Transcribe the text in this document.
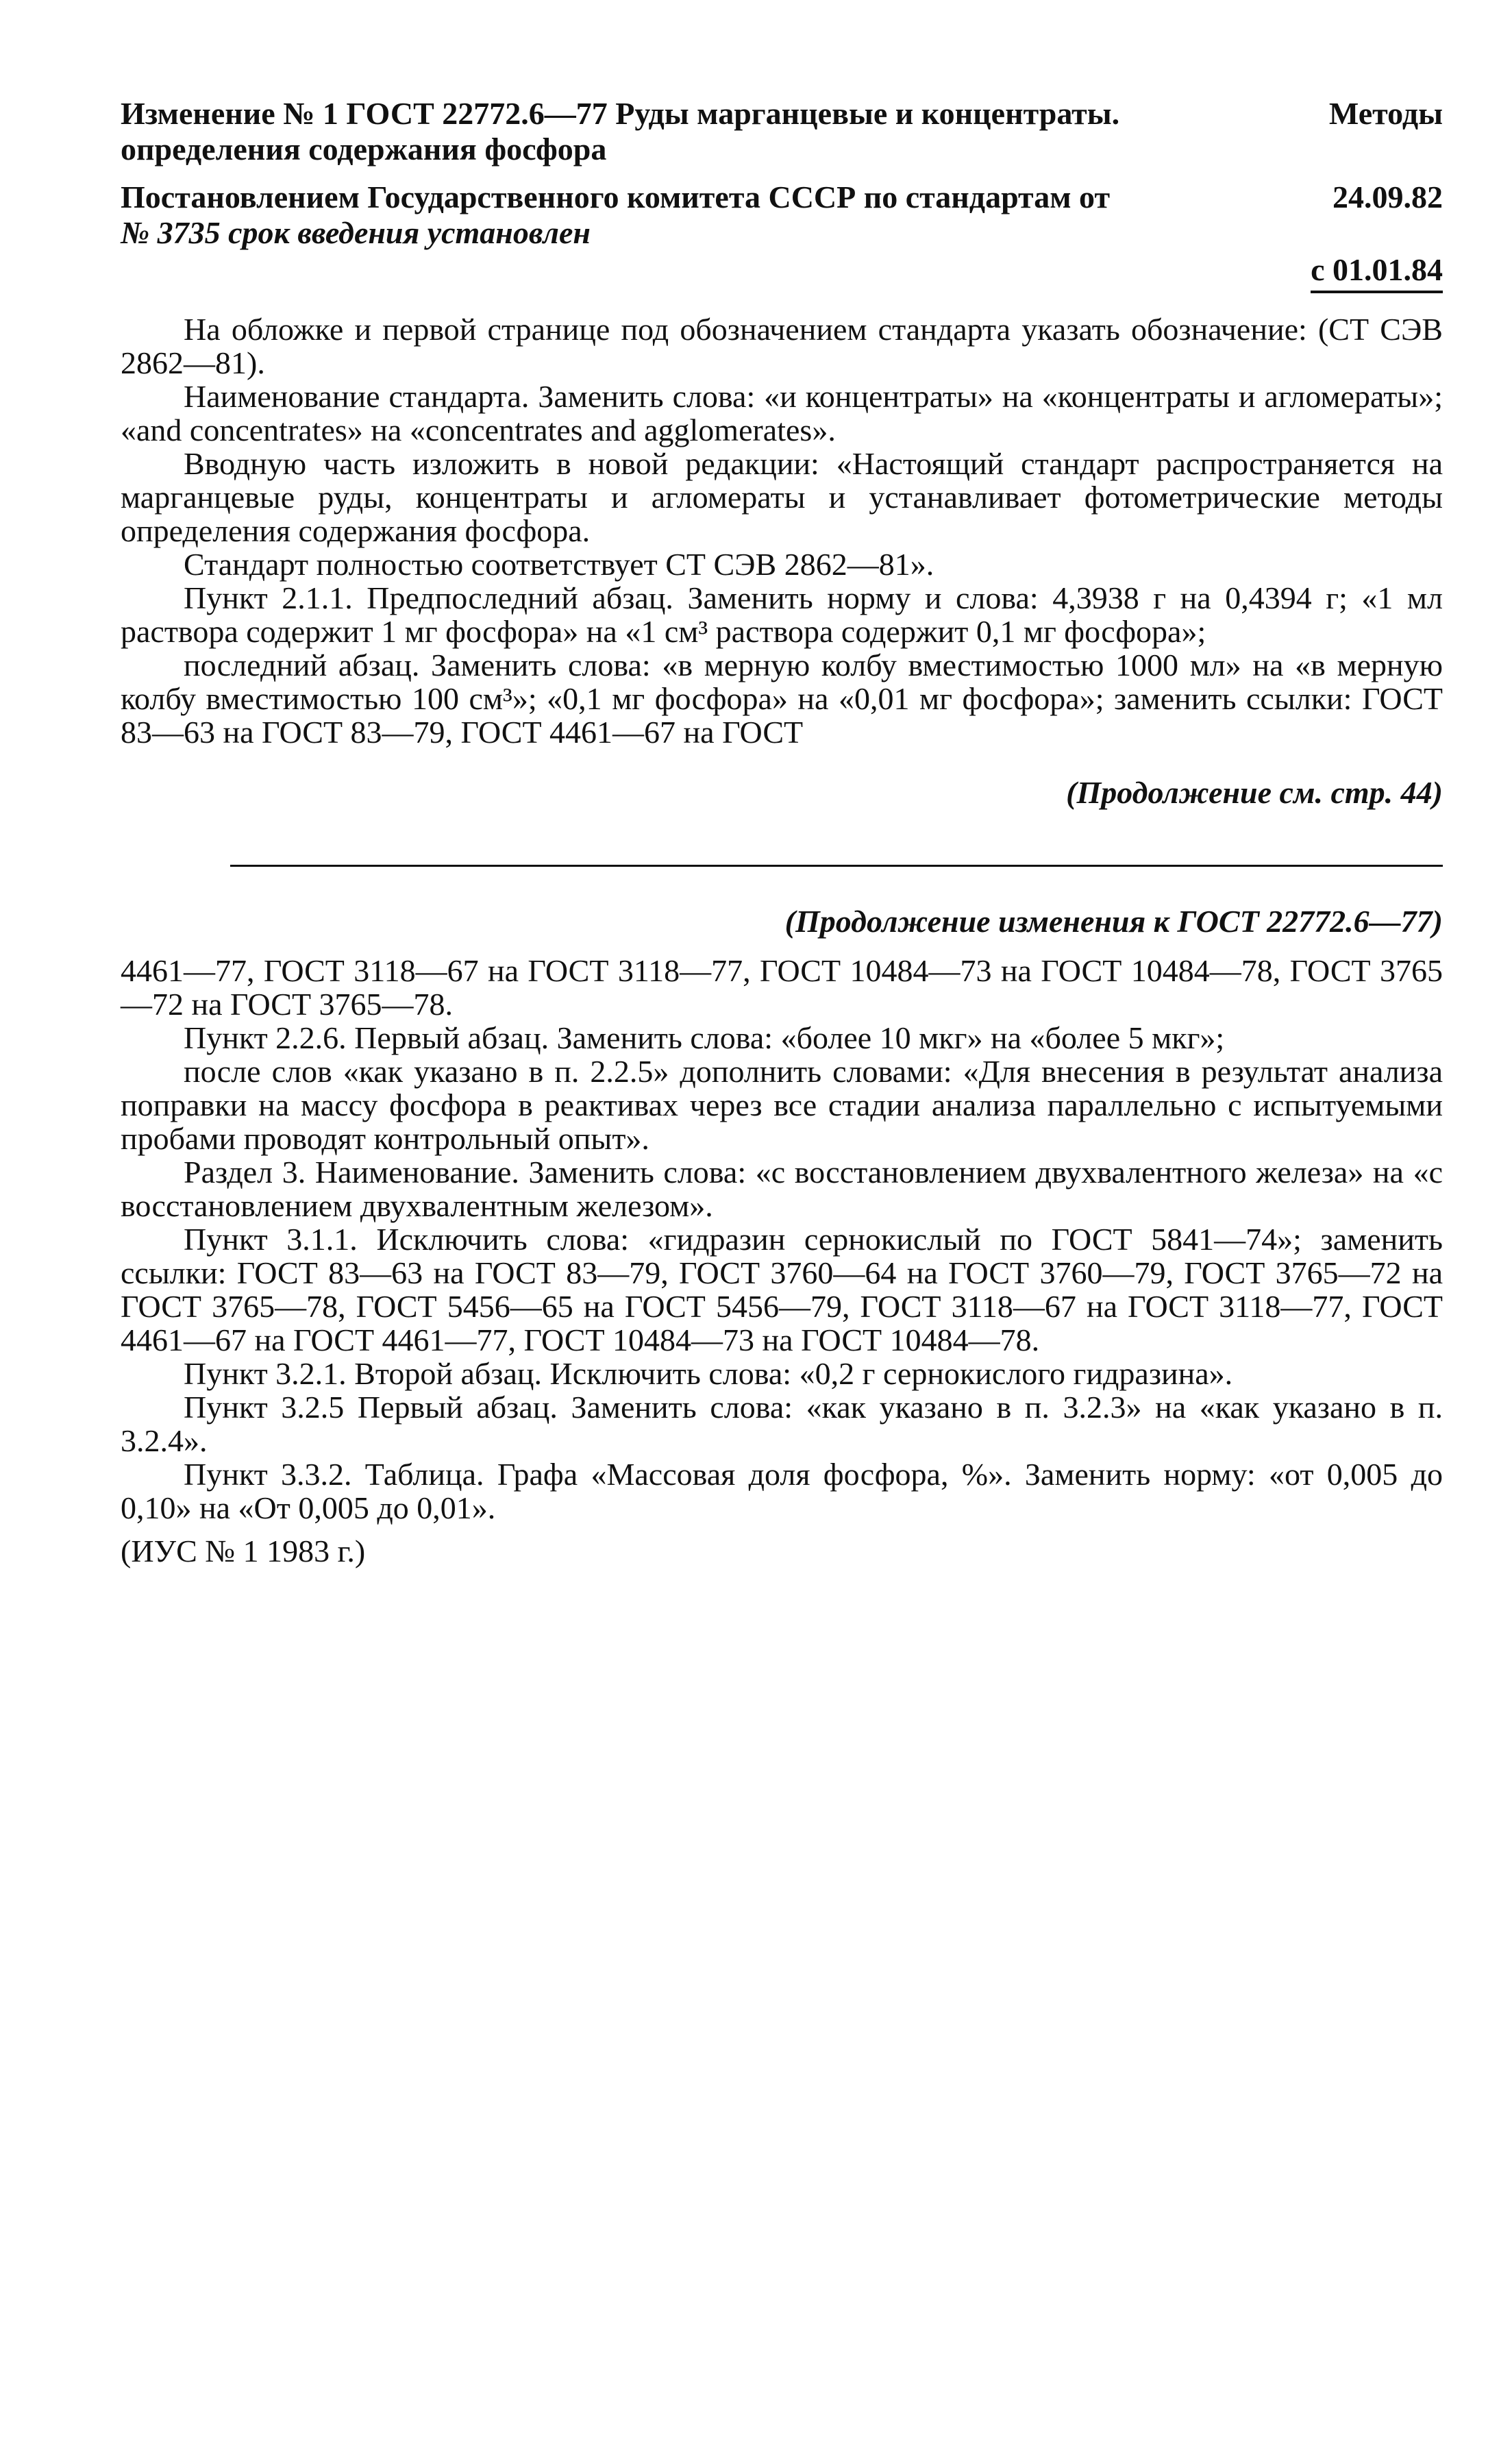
Изменение № 1 ГОСТ 22772.6—77 Руды марганцевые и концентраты.	Методы
определения содержания фосфора
Постановлением Государственного комитета СССР по стандартам от	24.09.82
№ 3735 срок введения установлен
с 01.01.84

На обложке и первой странице под обозначением стандарта указать обозначение: (СТ СЭВ 2862—81).

Наименование стандарта. Заменить слова: «и концентраты» на «концентраты и агломераты»; «and concentrates» на «concentrates and agglomerates».

Вводную часть изложить в новой редакции: «Настоящий стандарт распространяется на марганцевые руды, концентраты и агломераты и устанавливает фотометрические методы определения содержания фосфора.

Стандарт полностью соответствует СТ СЭВ 2862—81».

Пункт 2.1.1. Предпоследний абзац. Заменить норму и слова: 4,3938 г на 0,4394 г; «1 мл раствора содержит 1 мг фосфора» на «1 см³ раствора содержит 0,1 мг фосфора»;

последний абзац. Заменить слова: «в мерную колбу вместимостью 1000 мл» на «в мерную колбу вместимостью 100 см³»; «0,1 мг фосфора» на «0,01 мг фосфора»; заменить ссылки: ГОСТ 83—63 на ГОСТ 83—79, ГОСТ 4461—67 на ГОСТ

(Продолжение см. стр. 44)
(Продолжение изменения к ГОСТ 22772.6—77)

4461—77, ГОСТ 3118—67 на ГОСТ 3118—77, ГОСТ 10484—73 на ГОСТ 10484—78, ГОСТ 3765—72 на ГОСТ 3765—78.

Пункт 2.2.6. Первый абзац. Заменить слова: «более 10 мкг» на «более 5 мкг»;

после слов «как указано в п. 2.2.5» дополнить словами: «Для внесения в результат анализа поправки на массу фосфора в реактивах через все стадии анализа параллельно с испытуемыми пробами проводят контрольный опыт».

Раздел 3. Наименование. Заменить слова: «с восстановлением двухвалентного железа» на «с восстановлением двухвалентным железом».

Пункт 3.1.1. Исключить слова: «гидразин сернокислый по ГОСТ 5841—74»; заменить ссылки: ГОСТ 83—63 на ГОСТ 83—79, ГОСТ 3760—64 на ГОСТ 3760—79, ГОСТ 3765—72 на ГОСТ 3765—78, ГОСТ 5456—65 на ГОСТ 5456—79, ГОСТ 3118—67 на ГОСТ 3118—77, ГОСТ 4461—67 на ГОСТ 4461—77, ГОСТ 10484—73 на ГОСТ 10484—78.

Пункт 3.2.1. Второй абзац. Исключить слова: «0,2 г сернокислого гидразина».

Пункт 3.2.5 Первый абзац. Заменить слова: «как указано в п. 3.2.3» на «как указано в п. 3.2.4».

Пункт 3.3.2. Таблица. Графа «Массовая доля фосфора, %». Заменить норму: «от 0,005 до 0,10» на «От 0,005 до 0,01».

(ИУС № 1 1983 г.)
